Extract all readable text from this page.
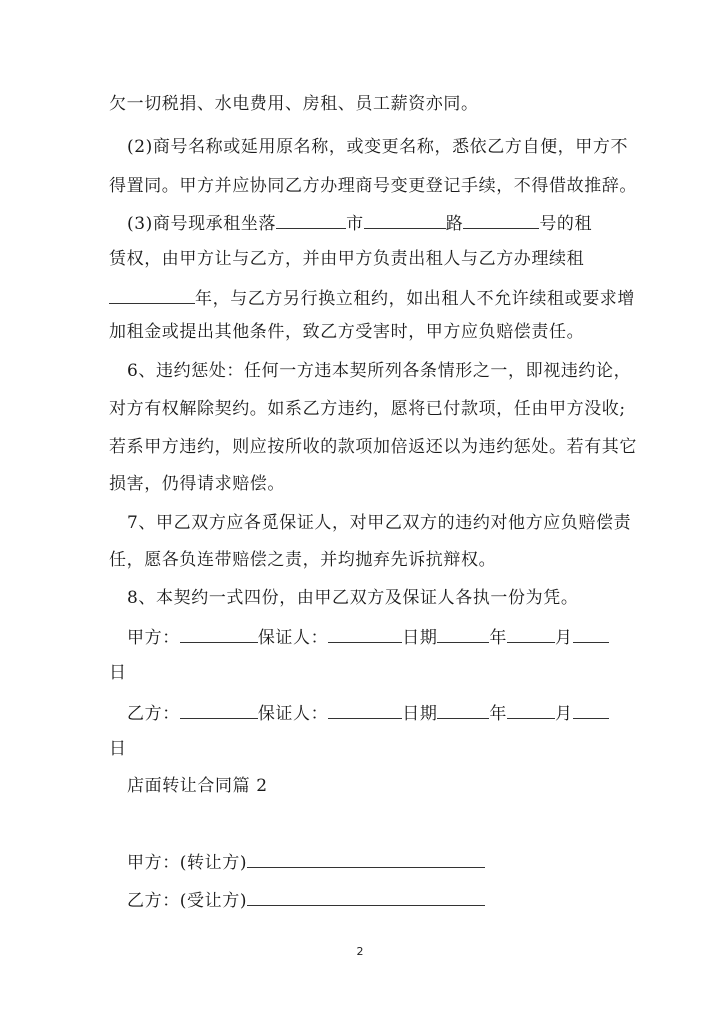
欠一切税捐、水电费用、房租、员工薪资亦同。
(2)商号名称或延用原名称，或变更名称，悉依乙方自便，甲方不
得置同。甲方并应协同乙方办理商号变更登记手续，不得借故推辞。
(3)商号现承租坐落	市	路	号的租
赁权，由甲方让与乙方，并由甲方负责出租人与乙方办理续租
年，与乙方另行换立租约，如出租人不允许续租或要求增
加租金或提出其他条件，致乙方受害时，甲方应负赔偿责任。
6、违约惩处：任何一方违本契所列各条情形之一，即视违约论，
对方有权解除契约。如系乙方违约，愿将已付款项，任由甲方没收;
若系甲方违约，则应按所收的款项加倍返还以为违约惩处。若有其它
损害，仍得请求赔偿。
7、甲乙双方应各觅保证人，对甲乙双方的违约对他方应负赔偿责
任，愿各负连带赔偿之责，并均抛弃先诉抗辩权。
8、本契约一式四份，由甲乙双方及保证人各执一份为凭。
甲方：	保证人：	日期	年	月
日
乙方：	保证人：	日期	年	月
日
店面转让合同篇 2
甲方：(转让方)
乙方：(受让方)
2
